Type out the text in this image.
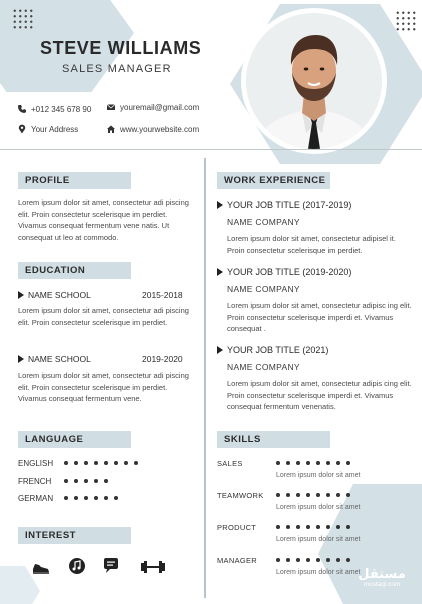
STEVE WILLIAMS
SALES MANAGER
+012 345 678 90	youremail@gmail.com
Your Address	www.yourwebsite.com
PROFILE
Lorem ipsum dolor sit amet, consectetur adi piscing elit. Proin consectetur scelerisque im perdiet. Vivamus consequat fermentum vene natis. Ut consequat ut leo at commodo.
EDUCATION
NAME SCHOOL	2015-2018
Lorem ipsum dolor sit amet, consectetur adi piscing elit. Proin consectetur scelerisque im perdiet.
NAME SCHOOL	2019-2020
Lorem ipsum dolor sit amet, consectetur adi piscing elit. Proin consectetur scelerisque im perdiet. Vivamus consequat fermentum vene.
LANGUAGE
ENGLISH
FRENCH
GERMAN
INTEREST
WORK EXPERIENCE
YOUR JOB TITLE (2017-2019)
NAME COMPANY
Lorem ipsum dolor sit amet, consectetur adipisel it. Proin consectetur scelerisque im perdiet.
YOUR JOB TITLE (2019-2020)
NAME COMPANY
Lorem ipsum dolor sit amet, consectetur adipisc ing elit. Proin consectetur scelerisque imperdi et. Vivamus consequat .
YOUR JOB TITLE (2021)
NAME COMPANY
Lorem ipsum dolor sit amet, consectetur adipis cing elit. Proin consectetur scelerisque imperdi et. Vivamus consequat fermentum venenatis.
SKILLS
SALES
Lorem ipsum dolor sit amet
TEAMWORK
Lorem ipsum dolor sit amet
PRODUCT
Lorem ipsum dolor sit amet
MANAGER
Lorem ipsum dolor sit amet
مستقل
mostaql.com
